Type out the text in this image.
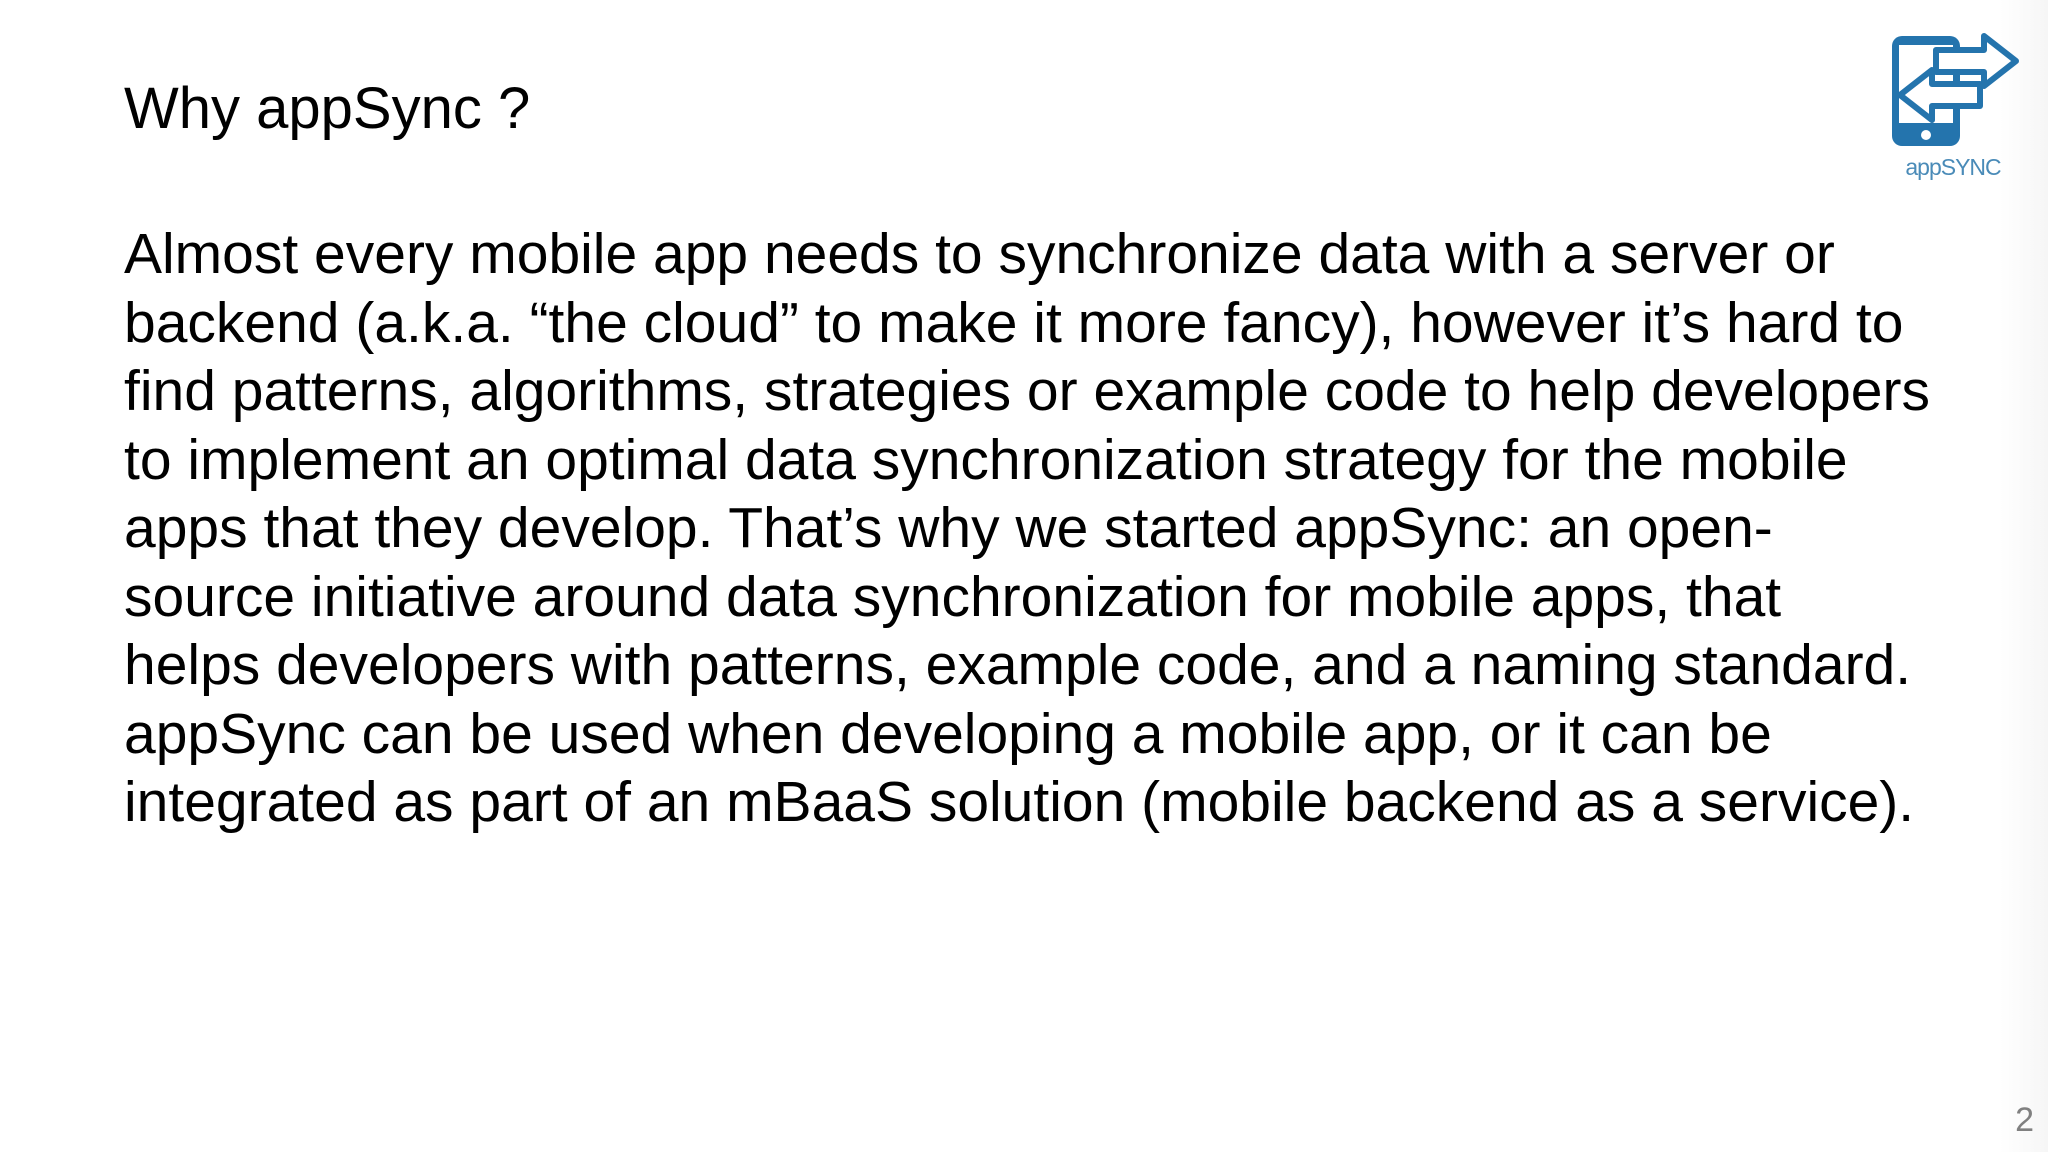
Why appSync ?
appSYNC

Almost every mobile app needs to synchronize data with a server or
backend (a.k.a. “the cloud” to make it more fancy), however it’s hard to
find patterns, algorithms, strategies or example code to help developers
to implement an optimal data synchronization strategy for the mobile
apps that they develop. That’s why we started appSync: an open-
source initiative around data synchronization for mobile apps, that
helps developers with patterns, example code, and a naming standard.
appSync can be used when developing a mobile app, or it can be
integrated as part of an mBaaS solution (mobile backend as a service).

2
